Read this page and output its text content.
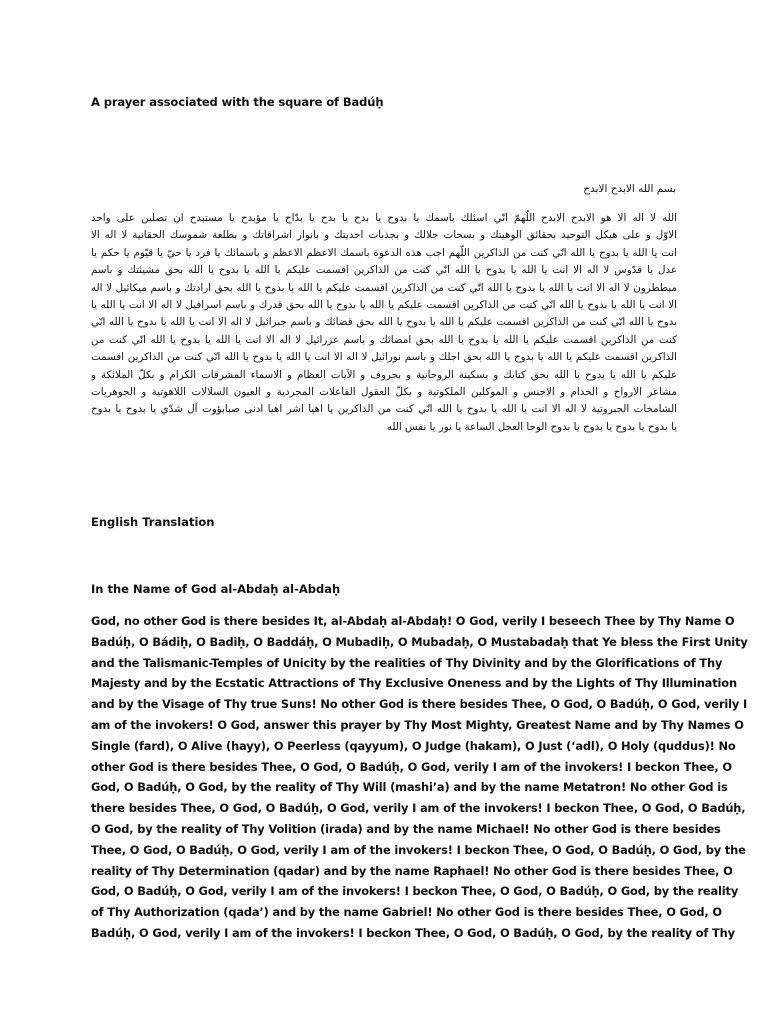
A prayer associated with the square of Badúḥ
بسم الله الابدح الابدح
الله لا اله الا هو الابدح الابدح اللّهمّ انّي اسئلك باسمك يا بدوح يا بدح يا بدح يا بدّاح يا مؤبدح يا مستبدح ان تصلين على واحد
الاوّل و على هيكل التوحيد بحقائق الوهيتك و بسحات جلالك و بجذبات احديتك و بانوار اشراقاتك و بطلعة شموسك الحقانية لا اله الا
انت يا الله يا بدوح يا الله انّي كنت من الذاكرين اللّهم اجب هذه الدعوة باسمك الاعظم الاعظم و باسمائك يا فرد يا حيّ يا قيّوم يا حكم يا
عدل يا قدّوس لا اله الا انت يا الله يا بدوح يا الله انّي كنت من الذاكرين اقسمت عليكم يا الله يا بدوح يا الله بحق مشيئتك و باسم
مبططرون لا اله الا انت يا الله يا بدوح يا الله انّي كنت من الذاكرين اقسمت عليكم يا الله يا بدوح يا الله بحق ارادتك و باسم ميكائيل لا اله
الا انت يا الله يا بدوح يا الله انّي كنت من الذاكرين اقسمت عليكم يا الله يا بدوح يا الله بحق قدرك و باسم اسرافيل لا اله الا انت يا الله يا
بدوح يا الله انّي كنت من الذاكرين اقسمت عليكم يا الله يا بدوح يا الله بحق قضائك و باسم جبرائيل لا اله الا انت يا الله يا بدوح يا الله انّي
كنت من الذاكرين اقسمت عليكم يا الله يا بدوح يا الله بحق امضائك و باسم عزرائيل لا اله الا انت يا الله يا بدوح يا الله انّي كنت من
الذاكرين اقسمت عليكم يا الله يا بدوح يا الله بحق اجلك و باسم نورائيل لا اله الا انت يا الله يا بدوح يا الله انّي كنت من الذاكرين اقسمت
عليكم يا الله يا بدوح يا الله بحق كتابك و بسكينة الروحانية و بحروف و الآيات العظام و الاسماء المشرقات الكرام و بكلّ الملائكة و
مشاعر الارواح و الخدام و الاجنس و الموكلين الملكوتية و بكلّ العقول الفاعلات المجردية و العيون السلالات اللاهوتية و الجوهريات
الشامخات الجبروتية لا اله الا انت يا الله يا بدوح يا الله انّي كنت من الذاكرين يا اهيا اشر اهيا ادنى صبابؤوت آل شدّي يا بدوح يا بدوح
يا بدوح يا بدوح يا بدوح يا بدوح الوحا العجل الساعة يا نور يا نفس الله
English Translation
In the Name of God al-Abdaḥ al-Abdaḥ
God, no other God is there besides It, al-Abdaḥ al-Abdaḥ! O God, verily I beseech Thee by Thy Name O
Badúḥ, O Bádiḥ, O Badiḥ, O Baddáḥ, O Mubadiḥ, O Mubadaḥ, O Mustabadaḥ that Ye bless the First Unity
and the Talismanic-Temples of Unicity by the realities of Thy Divinity and by the Glorifications of Thy
Majesty and by the Ecstatic Attractions of Thy Exclusive Oneness and by the Lights of Thy Illumination
and by the Visage of Thy true Suns! No other God is there besides Thee, O God, O Badúḥ, O God, verily I
am of the invokers! O God, answer this prayer by Thy Most Mighty, Greatest Name and by Thy Names O
Single (fard), O Alive (hayy), O Peerless (qayyum), O Judge (hakam), O Just (‘adl), O Holy (quddus)! No
other God is there besides Thee, O God, O Badúḥ, O God, verily I am of the invokers! I beckon Thee, O
God, O Badúḥ, O God, by the reality of Thy Will (mashi’a) and by the name Metatron! No other God is
there besides Thee, O God, O Badúḥ, O God, verily I am of the invokers! I beckon Thee, O God, O Badúḥ,
O God, by the reality of Thy Volition (irada) and by the name Michael! No other God is there besides
Thee, O God, O Badúḥ, O God, verily I am of the invokers! I beckon Thee, O God, O Badúḥ, O God, by the
reality of Thy Determination (qadar) and by the name Raphael! No other God is there besides Thee, O
God, O Badúḥ, O God, verily I am of the invokers! I beckon Thee, O God, O Badúḥ, O God, by the reality
of Thy Authorization (qada’) and by the name Gabriel! No other God is there besides Thee, O God, O
Badúḥ, O God, verily I am of the invokers! I beckon Thee, O God, O Badúḥ, O God, by the reality of Thy
